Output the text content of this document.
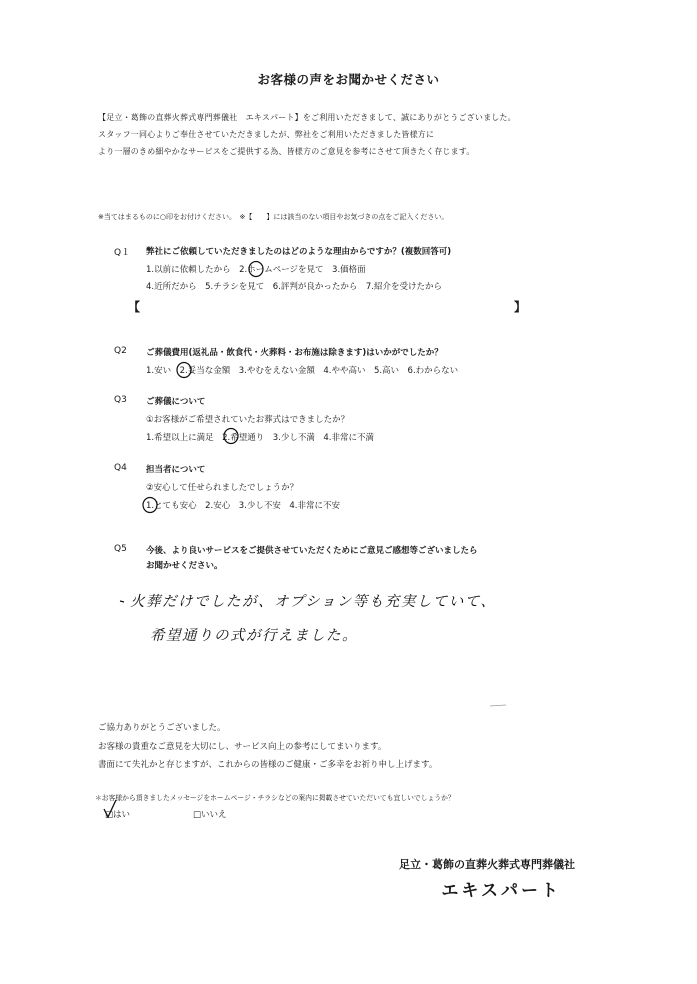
お客様の声をお聞かせください
【足立・葛飾の直葬火葬式専門葬儀社　エキスパート】をご利用いただきまして、誠にありがとうございました。
スタッフ一同心よりご奉仕させていただきましたが、弊社をご利用いただきました皆様方に
より一層のきめ細やかなサービスをご提供する為、皆様方のご意見を参考にさせて頂きたく存じます。
※当てはまるものに○印をお付けください。　※【　　】には該当のない項目やお気づきの点をご記入ください。
Q１ 弊社にご依頼していただきましたのはどのような理由からですか？(複数回答可)
1.以前に依頼したから　2.ホームページを見て　3.価格面
4.近所だから　5.チラシを見て　6.評判が良かったから　7.紹介を受けたから
【	】
Q2 ご葬儀費用(返礼品・飲食代・火葬料・お布施は除きます)はいかがでしたか？
1.安い　2.妥当な金額　3.やむをえない金額　4.やや高い　5.高い　6.わからない
Q3 ご葬儀について
①お客様がご希望されていたお葬式はできましたか？
1.希望以上に満足　2.希望通り　3.少し不満　4.非常に不満
Q4 担当者について
②安心して任せられましたでしょうか？
1.とても安心　2.安心　3.少し不安　4.非常に不安
Q5 今後、より良いサービスをご提供させていただくためにご意見ご感想等ございましたら
お聞かせください。
火葬だけでしたが、オプション等も充実していて、
希望通りの式が行えました。
ご協力ありがとうございました。
お客様の貴重なご意見を大切にし、サービス向上の参考にしてまいります。
書面にて失礼かと存じますが、これからの皆様のご健康・ご多幸をお祈り申し上げます。
＊お客様から頂きましたメッセージをホームページ・チラシなどの案内に掲載させていただいても宜しいでしょうか？
□はい	□いいえ
足立・葛飾の直葬火葬式専門葬儀社
エキスパート
